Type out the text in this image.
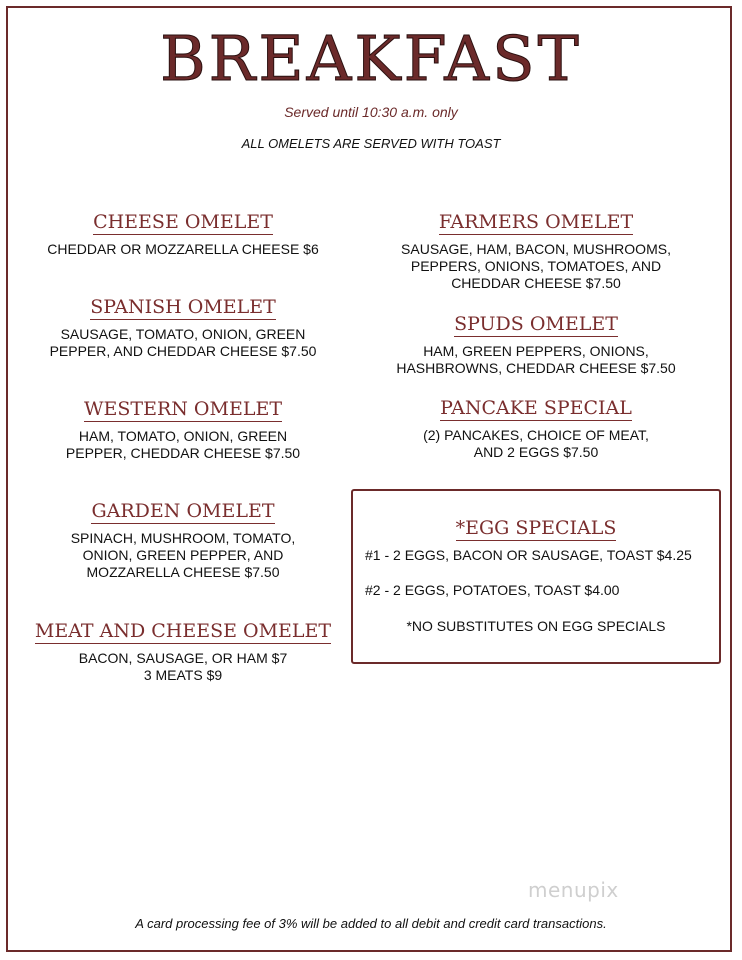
BREAKFAST
Served until 10:30 a.m. only
ALL OMELETS ARE SERVED WITH TOAST
CHEESE OMELET
CHEDDAR OR MOZZARELLA CHEESE $6
SPANISH OMELET
SAUSAGE, TOMATO, ONION, GREEN
PEPPER, AND CHEDDAR CHEESE $7.50
WESTERN OMELET
HAM, TOMATO, ONION, GREEN
PEPPER, CHEDDAR CHEESE $7.50
GARDEN OMELET
SPINACH, MUSHROOM, TOMATO,
ONION, GREEN PEPPER, AND
MOZZARELLA CHEESE $7.50
MEAT AND CHEESE OMELET
BACON, SAUSAGE, OR HAM $7
3 MEATS $9
FARMERS OMELET
SAUSAGE, HAM, BACON, MUSHROOMS,
PEPPERS, ONIONS, TOMATOES, AND
CHEDDAR CHEESE $7.50
SPUDS OMELET
HAM, GREEN PEPPERS, ONIONS,
HASHBROWNS, CHEDDAR CHEESE $7.50
PANCAKE SPECIAL
(2) PANCAKES, CHOICE OF MEAT,
AND 2 EGGS $7.50
*EGG SPECIALS
#1 - 2 EGGS, BACON OR SAUSAGE, TOAST $4.25
#2 - 2 EGGS, POTATOES, TOAST $4.00
*NO SUBSTITUTES ON EGG SPECIALS
menupix
A card processing fee of 3% will be added to all debit and credit card transactions.
